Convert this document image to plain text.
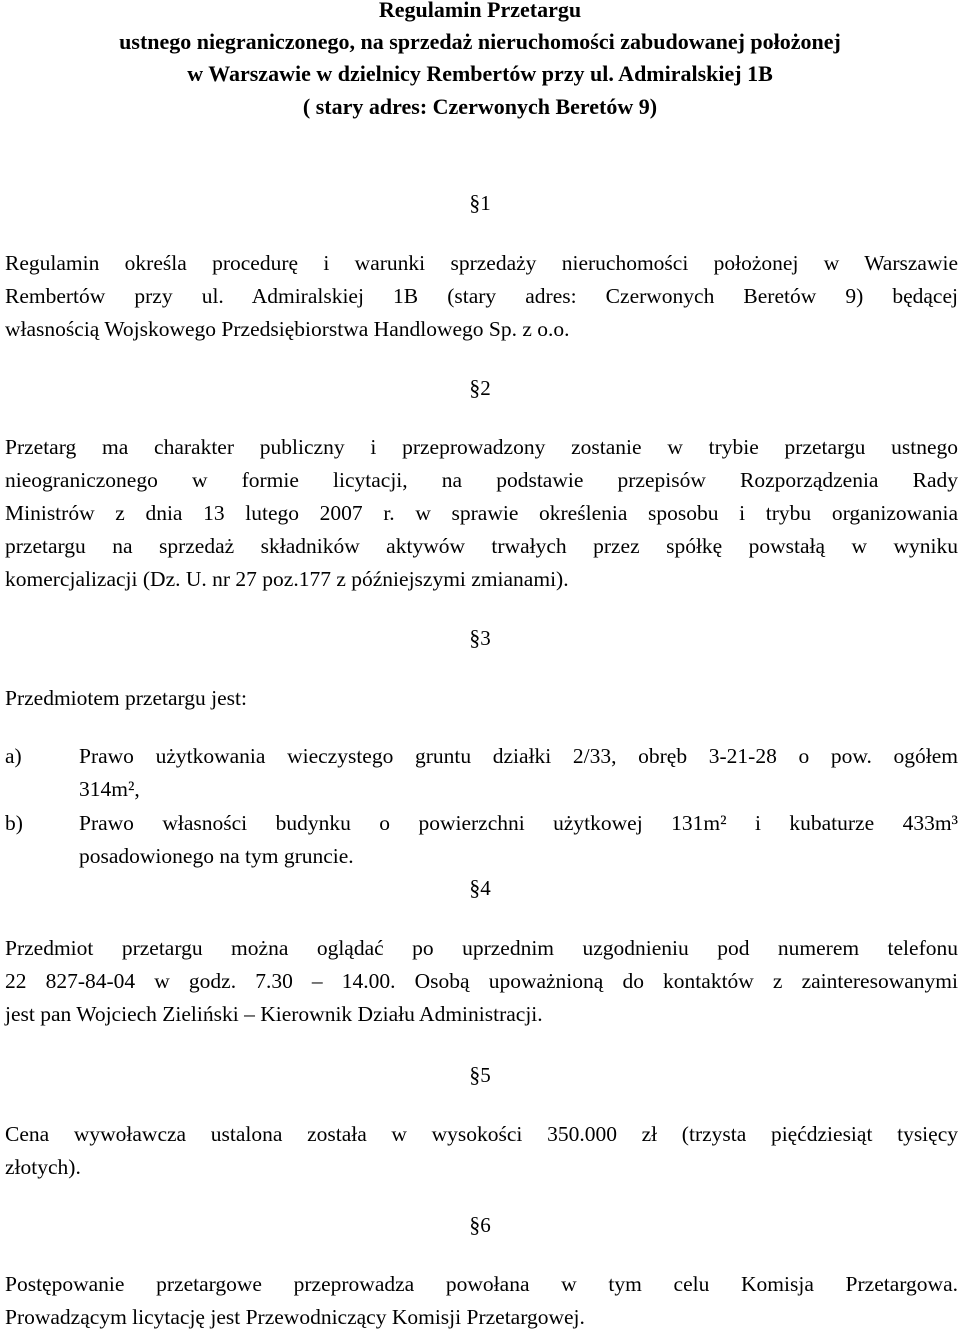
Regulamin Przetargu
ustnego niegraniczonego, na sprzedaż nieruchomości zabudowanej położonej
w Warszawie w dzielnicy Rembertów przy ul. Admiralskiej 1B
( stary adres: Czerwonych Beretów 9)
§1
Regulamin określa procedurę i warunki sprzedaży nieruchomości położonej w Warszawie
Rembertów przy ul. Admiralskiej 1B (stary adres: Czerwonych Beretów 9) będącej
własnością Wojskowego Przedsiębiorstwa Handlowego Sp. z o.o.
§2
Przetarg ma charakter publiczny i przeprowadzony zostanie w trybie przetargu ustnego
nieograniczonego w formie licytacji, na podstawie przepisów Rozporządzenia Rady
Ministrów z dnia 13 lutego 2007 r. w sprawie określenia sposobu i trybu organizowania
przetargu na sprzedaż składników aktywów trwałych przez spółkę powstałą w wyniku
komercjalizacji (Dz. U. nr 27 poz.177 z późniejszymi zmianami).
§3
Przedmiotem przetargu jest:
a)	Prawo użytkowania wieczystego gruntu działki 2/33, obręb 3-21-28 o pow. ogółem
314m²,
b)	Prawo własności budynku o powierzchni użytkowej 131m² i kubaturze 433m³
posadowionego na tym gruncie.
§4
Przedmiot przetargu można oglądać po uprzednim uzgodnieniu pod numerem telefonu
22 827-84-04 w godz. 7.30 – 14.00. Osobą upoważnioną do kontaktów z zainteresowanymi
jest pan Wojciech Zieliński – Kierownik Działu Administracji.
§5
Cena wywoławcza ustalona została w wysokości 350.000 zł (trzysta pięćdziesiąt tysięcy
złotych).
§6
Postępowanie przetargowe przeprowadza powołana w tym celu Komisja Przetargowa.
Prowadzącym licytację jest Przewodniczący Komisji Przetargowej.
